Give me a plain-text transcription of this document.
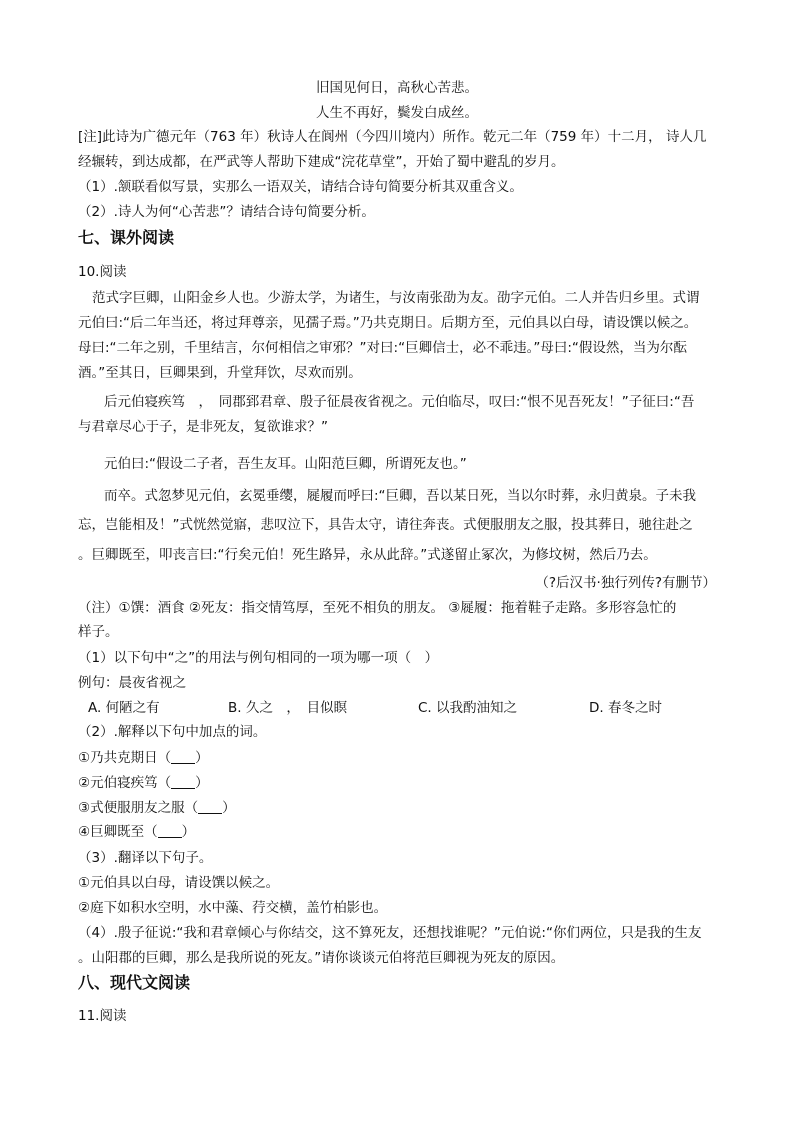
旧国见何日，高秋心苦悲。
人生不再好，鬓发白成丝。
[注]此诗为广德元年（763 年）秋诗人在阆州（今四川境内）所作。乾元二年（759 年）十二月， 诗人几
经辗转，到达成都，在严武等人帮助下建成“浣花草堂”，开始了蜀中避乱的岁月。
（1）.颔联看似写景，实那么一语双关，请结合诗句简要分析其双重含义。
（2）.诗人为何“心苦悲”？请结合诗句简要分析。
七、课外阅读
10.阅读
范式字巨卿，山阳金乡人也。少游太学，为诸生，与汝南张劭为友。劭字元伯。二人并告归乡里。式谓
元伯曰:“后二年当还，将过拜尊亲，见孺子焉。”乃共克期日。后期方至，元伯具以白母，请设馔以候之。
母曰:“二年之别，千里结言，尔何相信之审邪？”对曰:“巨卿信士，必不乖违。”母曰:“假设然，当为尔酝
酒。”至其日，巨卿果到，升堂拜饮，尽欢而别。
后元伯寝疾笃　，　同郡郅君章、殷子征晨夜省视之。元伯临尽，叹曰:“恨不见吾死友！”子征曰:“吾
与君章尽心于子，是非死友，复欲谁求？”
元伯曰:“假设二子者，吾生友耳。山阳范巨卿，所谓死友也。”
而卒。式忽梦见元伯，玄冕垂缨，屣履而呼曰:“巨卿，吾以某日死，当以尔时葬，永归黄泉。子未我
忘，岂能相及！”式恍然觉寤，悲叹泣下，具告太守，请往奔丧。式便服朋友之服，投其葬日，驰往赴之
。巨卿既至，叩丧言曰:“行矣元伯！死生路异，永从此辞。”式遂留止冢次，为修坟树，然后乃去。
（?后汉书·独行列传?有删节）
（注）①馔：酒食 ②死友：指交情笃厚，至死不相负的朋友。 ③屣履：拖着鞋子走路。多形容急忙的
样子。
（1）以下句中“之”的用法与例句相同的一项为哪一项（　）
例句：晨夜省视之
A. 何陋之有	B. 久之　，　目似瞑	C. 以我酌油知之	D. 春冬之时
（2）.解释以下句中加点的词。
①乃共克期日（ ）
②元伯寝疾笃（ ）
③式便服朋友之服（ ）
④巨卿既至（ ）
（3）.翻译以下句子。
①元伯具以白母，请设馔以候之。
②庭下如积水空明，水中藻、荇交横，盖竹柏影也。
（4）.殷子征说:“我和君章倾心与你结交，这不算死友，还想找谁呢？”元伯说:“你们两位，只是我的生友
。山阳郡的巨卿，那么是我所说的死友。”请你谈谈元伯将范巨卿视为死友的原因。
八、现代文阅读
11.阅读
